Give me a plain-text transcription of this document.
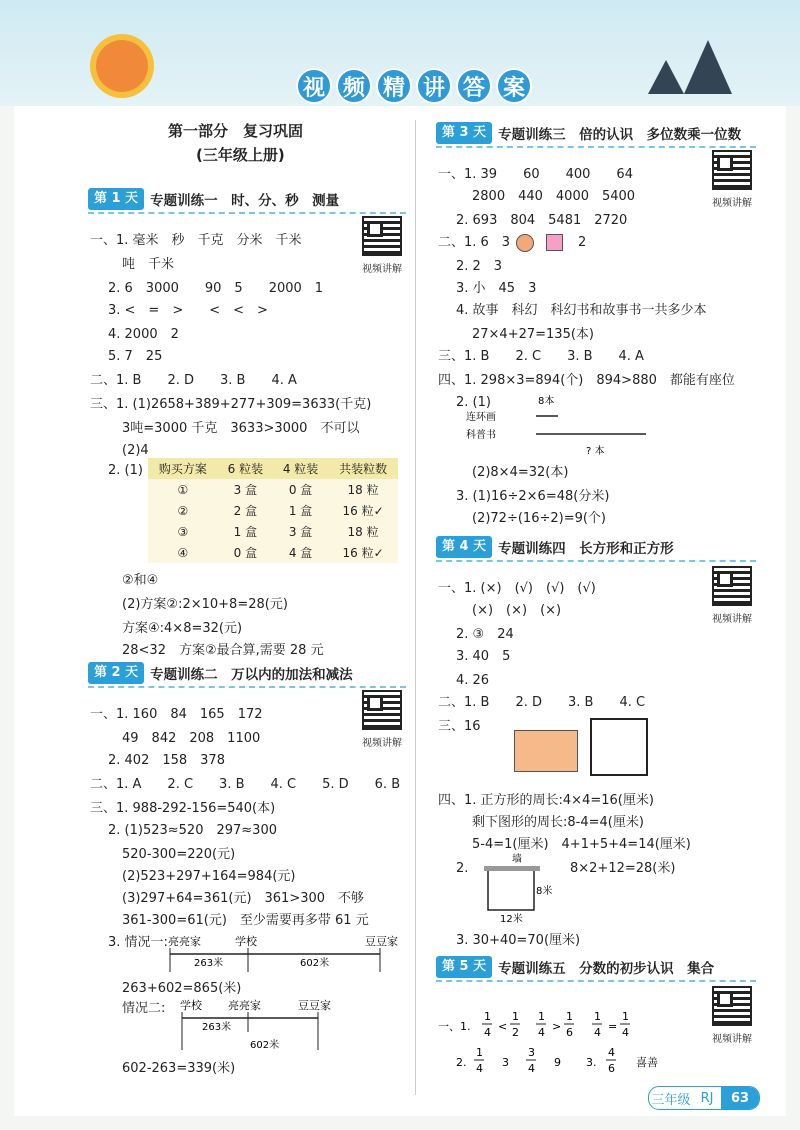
视 频 精 讲 答 案
第一部分　复习巩固
(三年级上册)
第 1 天 专题训练一　时、分、秒　测量
视频讲解
一、1. 毫米　秒　千克　分米　千米
吨　千米
2. 6　3000　　90　5　　2000　1
3. <　=　>　　<　<　>
4. 2000　2
5. 7　25
二、1. B　　2. D　　3. B　　4. A
三、1. (1)2658+389+277+309=3633(千克)
3吨=3000 千克　3633>3000　不可以
(2)4
2. (1) 购买方案	6 粒装	4 粒装	共装粒数
①	3 盒	0 盒	18 粒
②	2 盒	1 盒	16 粒✓
③	1 盒	3 盒	18 粒
④	0 盒	4 盒	16 粒✓
②和④
(2)方案②:2×10+8=28(元)
方案④:4×8=32(元)
28<32　方案②最合算,需要 28 元
第 2 天 专题训练二　万以内的加法和减法
视频讲解
一、1. 160　84　165　172
49　842　208　1100
2. 402　158　378
二、1. A　　2. C　　3. B　　4. C　　5. D　　6. B
三、1. 988-292-156=540(本)
2. (1)523≈520　297≈300
520-300=220(元)
(2)523+297+164=984(元)
(3)297+64=361(元)　361>300　不够
361-300=61(元)　至少需要再多带 61 元
3. 情况一: 亮亮家	学校	豆豆家
263米	602米
263+602=865(米)
情况二: 学校 亮亮家	豆豆家
263米
602米
602-263=339(米)
第 3 天 专题训练三　倍的认识　多位数乘一位数
视频讲解
一、1. 39　　60　　400　　64
2800　440　4000　5400
2. 693　804　5481　2720
二、1. 6　3	2
2. 2　3
3. 小　45　3
4. 故事　科幻　科幻书和故事书一共多少本
27×4+27=135(本)
三、1. B　　2. C　　3. B　　4. A
四、1. 298×3=894(个)　894>880　都能有座位
2. (1)	8本
连环画
科普书
? 本
(2)8×4=32(本)
3. (1)16÷2×6=48(分米)
(2)72÷(16÷2)=9(个)
第 4 天 专题训练四　长方形和正方形
视频讲解
一、1. (×)　(√)　(√)　(√)
(×)　(×)　(×)
2. ③　24
3. 40　5
4. 26
二、1. B　　2. D　　3. B　　4. C
三、16
四、1. 正方形的周长:4×4=16(厘米)
剩下图形的周长:8-4=4(厘米)
5-4=1(厘米)　4+1+5+4=14(厘米)
2.
墙
8米
12米
8×2+12=28(米)
3. 30+40=70(厘米)
第 5 天 专题训练五　分数的初步认识　集合
视频讲解
一、1.
1
4 <
1
2
1
4 >
1
6
1
4 =
1
4
2.
1
4 3
3
4 9 3.
4
6 喜善
三年级 RJ	63
